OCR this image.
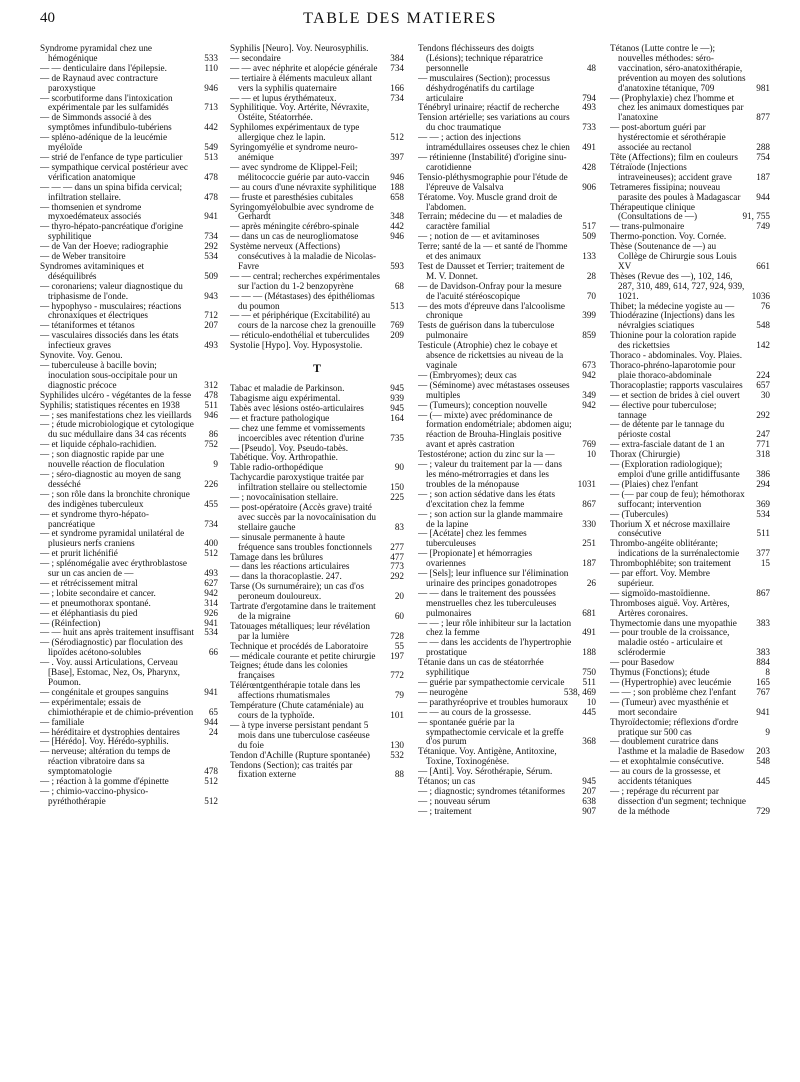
40	TABLE DES MATIERES

Syndrome pyramidal chez une hémogénique	533

— — denticulaire dans l'épilepsie.	110

— de Raynaud avec contracture paroxystique	946

— scorbutiforme dans l'intoxication expérimentale par les sulfamidés	713

— de Simmonds associé à des symptômes infundibulo-tubériens	442

— spléno-adénique de la leucémie myéloïde	549

— strié de l'enfance de type particulier 513

— sympathique cervical postérieur avec vérification anatomique	478

— — — dans un spina bifida cervical; infiltration stellaire.	478

— thomsenien et syndrome myxoedémateux associés	941

— thyro-hépato-pancréatique d'origine syphilitique	734

— de Van der Hoeve; radiographie	292

— de Weber transitoire	534

Syndromes avitaminiques et déséquilibrés	509

— coronariens; valeur diagnostique du triphasisme de l'onde.	943

— hypophyso - musculaires; réactions chronaxiques et électriques	712

— tétaniformes et tétanos	207

— vasculaires dissociés dans les états infectieux graves	493

Synovite. Voy. Genou.

— tuberculeuse à bacille bovin; inoculation sous-occipitale pour un diagnostic précoce	312

Syphilides ulcéro - végétantes de la fesse 478

Syphilis; statistiques récentes en 1938	511

— ; ses manifestations chez les vieillards 946

— ; étude microbiologique et cytologique du suc médullaire dans 34 cas récents 86

— et liquide céphalo-rachidien.	752

— ; son diagnostic rapide par une nouvelle réaction de floculation	9

— ; séro-diagnostic au moyen de sang desséché	226

— ; son rôle dans la bronchite chronique des indigènes tuberculeux	455

— et syndrome thyro-hépato-pancréatique	734

— et syndrome pyramidal unilatéral de plusieurs nerfs craniens	400

— et prurit lichénifié	512

— ; splénomégalie avec érythroblastose sur un cas ancien de —	493

— et rétrécissement mitral	627

— ; lobite secondaire et cancer.	942

— et pneumothorax spontané.	314

— et éléphantiasis du pied	926

— (Réinfection)	941

— — huit ans après traitement insuffisant 534

— (Sérodiagnostic) par floculation des lipoïdes acétono-solubles	66

— . Voy. aussi Articulations, Cerveau [Base], Estomac, Nez, Os, Pharynx, Poumon.

— congénitale et groupes sanguins	941

— expérimentale; essais de chimiothérapie et de chimio-prévention 65

— familiale	944

— héréditaire et dystrophies dentaires	24

— [Hérédo]. Voy. Hérédo-syphilis.

— nerveuse; altération du temps de réaction vibratoire dans sa symptomatologie	478

— ; réaction à la gomme d'épinette	512

— ; chimio-vaccino-physico-pyréthothérapie	512

Syphilis [Neuro]. Voy. Neurosyphilis.

— secondaire	384

— — avec néphrite et alopécie générale 734

— tertiaire à éléments maculeux allant vers la syphilis quaternaire	166

— — et lupus érythémateux.	734

Syphilitique. Voy. Artérite, Névraxite, Ostéite, Stéatorrhée.

Syphilomes expérimentaux de type allergique chez le lapin.	512

Syringomyélie et syndrome neuro-anémique	397

— avec syndrome de Klippel-Feil; mélitococcie guérie par auto-vaccin 946

— au cours d'une névraxite syphilitique 188

— fruste et paresthésies cubitales	658

Syringomyélobulbie avec syndrome de Gerhardt	348

— après méningite cérébro-spinale	442

— dans un cas de neurogliomatose	946

Système nerveux (Affections) consécutives à la maladie de Nicolas-Favre	593

— — central; recherches expérimentales sur l'action du 1-2 benzopyrène	68

— — — (Métastases) des épithéliomas du poumon	513

— — et périphérique (Excitabilité) au cours de la narcose chez la grenouille 769

— réticulo-endothélial et tuberculides 209

Systolie [Hypo]. Voy. Hyposystolie.

T

Tabac et maladie de Parkinson.	945

Tabagisme aigu expérimental.	939

Tabès avec lésions ostéo-articulaires	945

— et fracture pathologique	164

— chez une femme et vomissements incoercibles avec rétention d'urine	735

— [Pseudo]. Voy. Pseudo-tabès.

Tabétique. Voy. Arthropathie.

Table radio-orthopédique	90

Tachycardie paroxystique traitée par infiltration stellaire ou stellectomie	150

— ; novocaïnisation stellaire.	225

— post-opératoire (Accès grave) traité avec succès par la novocaïnisation du stellaire gauche	83

— sinusale permanente à haute fréquence sans troubles fonctionnels 277

Tamage dans les brûlures	477

— dans les réactions articulaires	773

— dans la thoracoplastie. 247.	292

Tarse (Os surnuméraire); un cas d'os peroneum douloureux.	20

Tartrate d'ergotamine dans le traitement de la migraine	60

Tatouages métalliques; leur révélation par la lumière	728

Technique et procédés de Laboratoire	55

— médicale courante et petite chirurgie 197

Teignes; étude dans les colonies françaises	772

Télérœntgenthérapie totale dans les affections rhumatismales	79

Température (Chute cataméniale) au cours de la typhoïde.	101

— à type inverse persistant pendant 5 mois dans une tuberculose caséeuse du foie	130

Tendon d'Achille (Rupture spontanée) 532

Tendons (Section); cas traités par fixation externe	88

Tendons fléchisseurs des doigts (Lésions); technique réparatrice personnelle	48

— musculaires (Section); processus déshydrogénatifs du cartilage articulaire	794

Ténébryl urinaire; réactif de recherche 493

Tension artérielle; ses variations au cours du choc traumatique	733

— — ; action des injections intramédullaires osseuses chez le chien 491

— rétinienne (Instabilité) d'origine sinu-carotidienne	428

Tensio-pléthysmographie pour l'étude de l'épreuve de Valsalva	906

Tératome. Voy. Muscle grand droit de l'abdomen.

Terrain; médecine du — et maladies de caractère familial	517

— ; notion de — et avitaminoses	509

Terre; santé de la — et santé de l'homme et des animaux	133

Test de Dausset et Terrier; traitement de M. V. Donnet.	28

— de Davidson-Onfray pour la mesure de l'acuité stéréoscopique	70

— des mots d'épreuve dans l'alcoolisme chronique	399

Tests de guérison dans la tuberculose pulmonaire	859

Testicule (Atrophie) chez le cobaye et absence de rickettsies au niveau de la vaginale	673

— (Embryomes); deux cas	942

— (Séminome) avec métastases osseuses multiples	349

— (Tumeurs); conception nouvelle	942

— (— mixte) avec prédominance de formation endométriale; abdomen aigu; réaction de Brouha-Hinglais positive avant et après castration	769

Testostérone; action du zinc sur la —	10

— ; valeur du traitement par la — dans les méno-métrorragies et dans les troubles de la ménopause	1031

— ; son action sédative dans les états d'excitation chez la femme	867

— ; son action sur la glande mammaire de la lapine	330

— [Acétate] chez les femmes tuberculeuses	251

— [Propionate] et hémorragies ovariennes	187

— [Sels]; leur influence sur l'élimination urinaire des principes gonadotropes	26

— — dans le traitement des poussées menstruelles chez les tuberculeuses pulmonaires	681

— — ; leur rôle inhibiteur sur la lactation chez la femme	491

— — dans les accidents de l'hypertrophie prostatique	188

Tétanie dans un cas de stéatorrhée syphilitique	750

— guérie par sympathectomie cervicale 511

— neurogène	538, 469

— parathyréoprive et troubles humoraux 10

— — au cours de la grossesse.	445

— spontanée guérie par la sympathectomie cervicale et la greffe d'os purum	368

Tétanique. Voy. Antigène, Antitoxine, Toxine, Toxinogénèse.

— [Anti]. Voy. Sérothérapie, Sérum.

Tétanos; un cas	945

— ; diagnostic; syndromes tétaniformes 207

— ; nouveau sérum	638

— ; traitement	907

Tétanos (Lutte contre le —); nouvelles méthodes: séro-vaccination, séro-anatoxithérapie, prévention au moyen des solutions d'anatoxine tétanique, 709	981

— (Prophylaxie) chez l'homme et chez les animaux domestiques par l'anatoxine	877

— post-abortum guéri par hystérectomie et sérothérapie associée au rectanol	288

Tête (Affections); film en couleurs 754

Tétraïode (Injections intraveineuses); accident grave	187

Tetrameres fissipina; nouveau parasite des poules à Madagascar 944

Thérapeutique clinique (Consultations de —)	91, 755

— trans-pulmonaire	749

Thermo-ponction. Voy. Cornée.

Thèse (Soutenance de —) au Collège de Chirurgie sous Louis XV	661

Thèses (Revue des —), 102, 146, 287, 310, 489, 614, 727, 924, 939, 1021.	1036

Thibet; la médecine yogiste au —	76

Thiodérazine (Injections) dans les névralgies sciatiques	548

Thionine pour la coloration rapide des rickettsies	142

Thoraco - abdominales. Voy. Plaies.

Thoraco-phréno-laparotomie pour plaie thoraco-abdominale	224

Thoracoplastie; rapports vasculaires 657

— et section de brides à ciel ouvert 30

— élective pour tuberculose; tannage	292

— de détente par le tannage du périoste costal	247

— extra-fasciale datant de 1 an	771

Thorax (Chirurgie)	318

— (Exploration radiologique); emploi d'une grille antidiffusante 386

— (Plaies) chez l'enfant	294

— (— par coup de feu); hémothorax suffocant; intervention	369

— (Tubercules)	534

Thorium X et nécrose maxillaire consécutive	511

Thrombo-angéite oblitérante; indications de la surrénalectomie 377

Thrombophlébite; son traitement	15

— par effort. Voy. Membre supérieur.

— sigmoïdo-mastoïdienne.	867

Thromboses aiguë. Voy. Artères, Artères coronaires.

Thymectomie dans une myopathie 383

— pour trouble de la croissance, maladie ostéo - articulaire et sclérodermie	383

— pour Basedow	884

Thymus (Fonctions); étude	8

— (Hypertrophie) avec leucémie	165

— — ; son problème chez l'enfant 767

— (Tumeur) avec myasthénie et mort secondaire	941

Thyroïdectomie; réflexions d'ordre pratique sur 500 cas	9

— doublement curatrice dans l'asthme et la maladie de Basedow 203

— et exophtalmie consécutive.	548

— au cours de la grossesse, et accidents tétaniques	445

— ; repérage du récurrent par dissection d'un segment; technique de la méthode	729
